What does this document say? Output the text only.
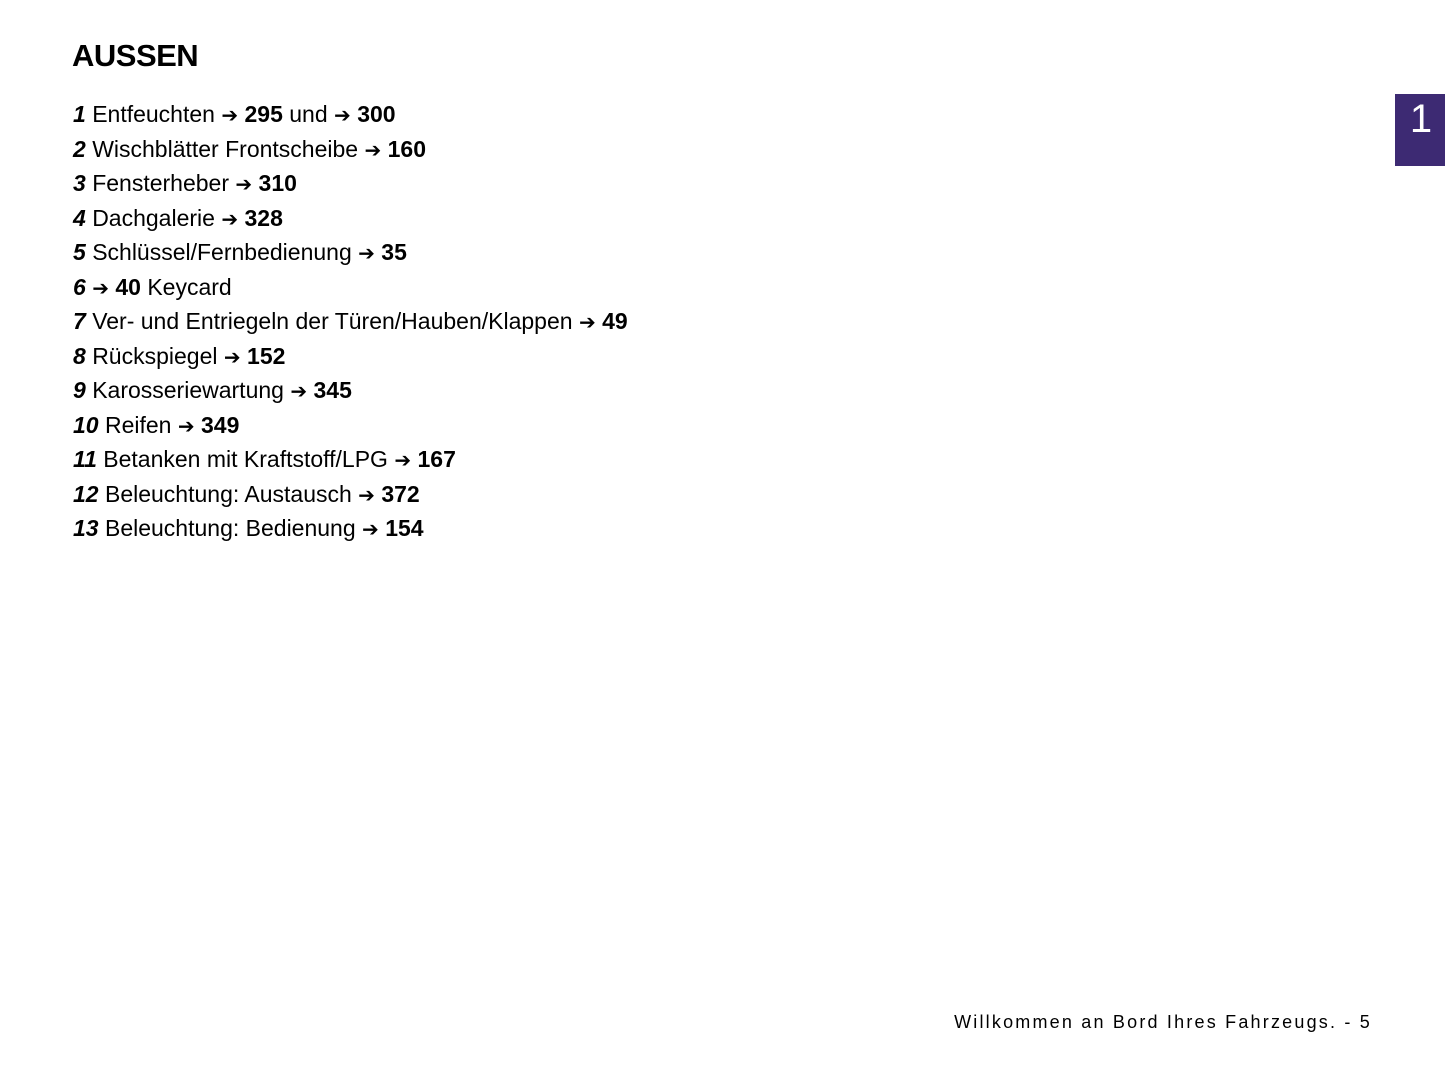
AUSSEN
1 Entfeuchten ➔ 295 und ➔ 300
2 Wischblätter Frontscheibe ➔ 160
3 Fensterheber ➔ 310
4 Dachgalerie ➔ 328
5 Schlüssel/Fernbedienung ➔ 35
6 ➔ 40 Keycard
7 Ver- und Entriegeln der Türen/Hauben/Klappen ➔ 49
8 Rückspiegel ➔ 152
9 Karosseriewartung ➔ 345
10 Reifen ➔ 349
11 Betanken mit Kraftstoff/LPG ➔ 167
12 Beleuchtung: Austausch ➔ 372
13 Beleuchtung: Bedienung ➔ 154
1
Willkommen an Bord Ihres Fahrzeugs. - 5
